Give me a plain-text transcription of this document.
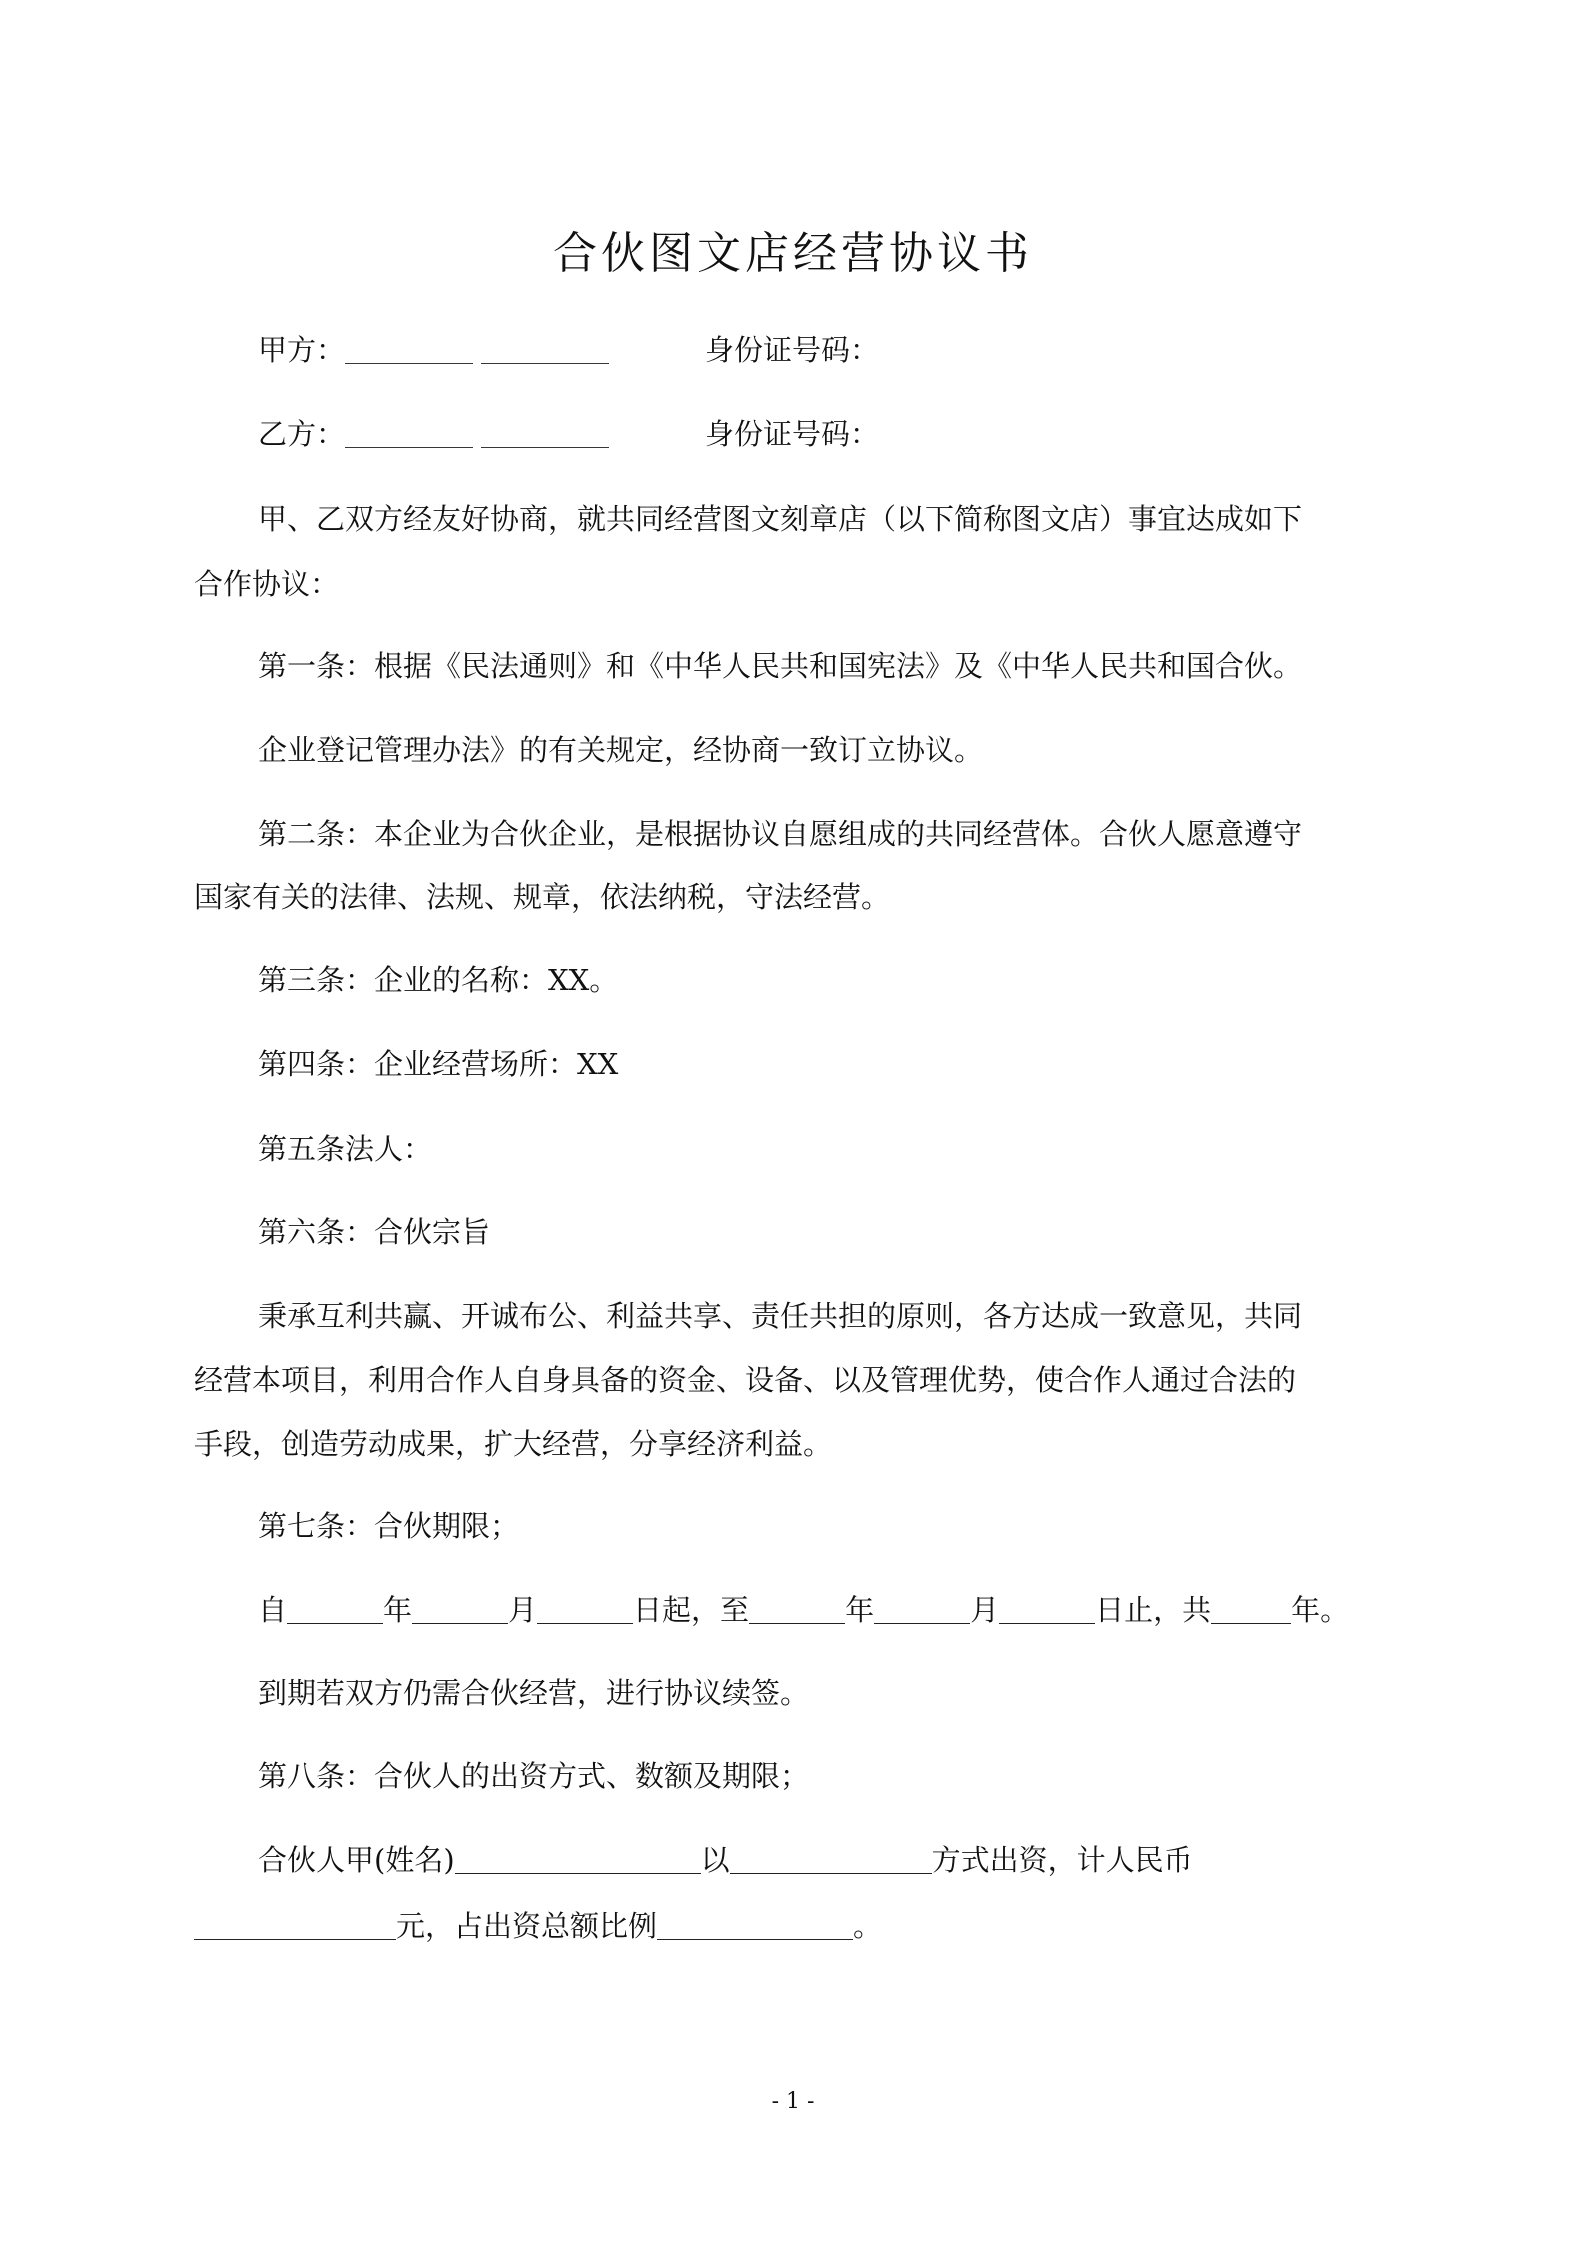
合伙图文店经营协议书
甲方：	身份证号码：
乙方：	身份证号码：
甲、乙双方经友好协商，就共同经营图文刻章店（以下简称图文店）事宜达成如下
合作协议：
第一条：根据《民法通则》和《中华人民共和国宪法》及《中华人民共和国合伙。
企业登记管理办法》的有关规定，经协商一致订立协议。
第二条：本企业为合伙企业，是根据协议自愿组成的共同经营体。合伙人愿意遵守
国家有关的法律、法规、规章，依法纳税，守法经营。
第三条：企业的名称：XX。
第四条：企业经营场所：XX
第五条法人：
第六条：合伙宗旨
秉承互利共赢、开诚布公、利益共享、责任共担的原则，各方达成一致意见，共同
经营本项目，利用合作人自身具备的资金、设备、以及管理优势，使合作人通过合法的
手段，创造劳动成果，扩大经营，分享经济利益。
第七条：合伙期限；
自	年	月	日起，至	年	月	日止，共	年。
到期若双方仍需合伙经营，进行协议续签。
第八条：合伙人的出资方式、数额及期限；
合伙人甲(姓名)	以	方式出资，计人民币
元，占出资总额比例	。
- 1 -
